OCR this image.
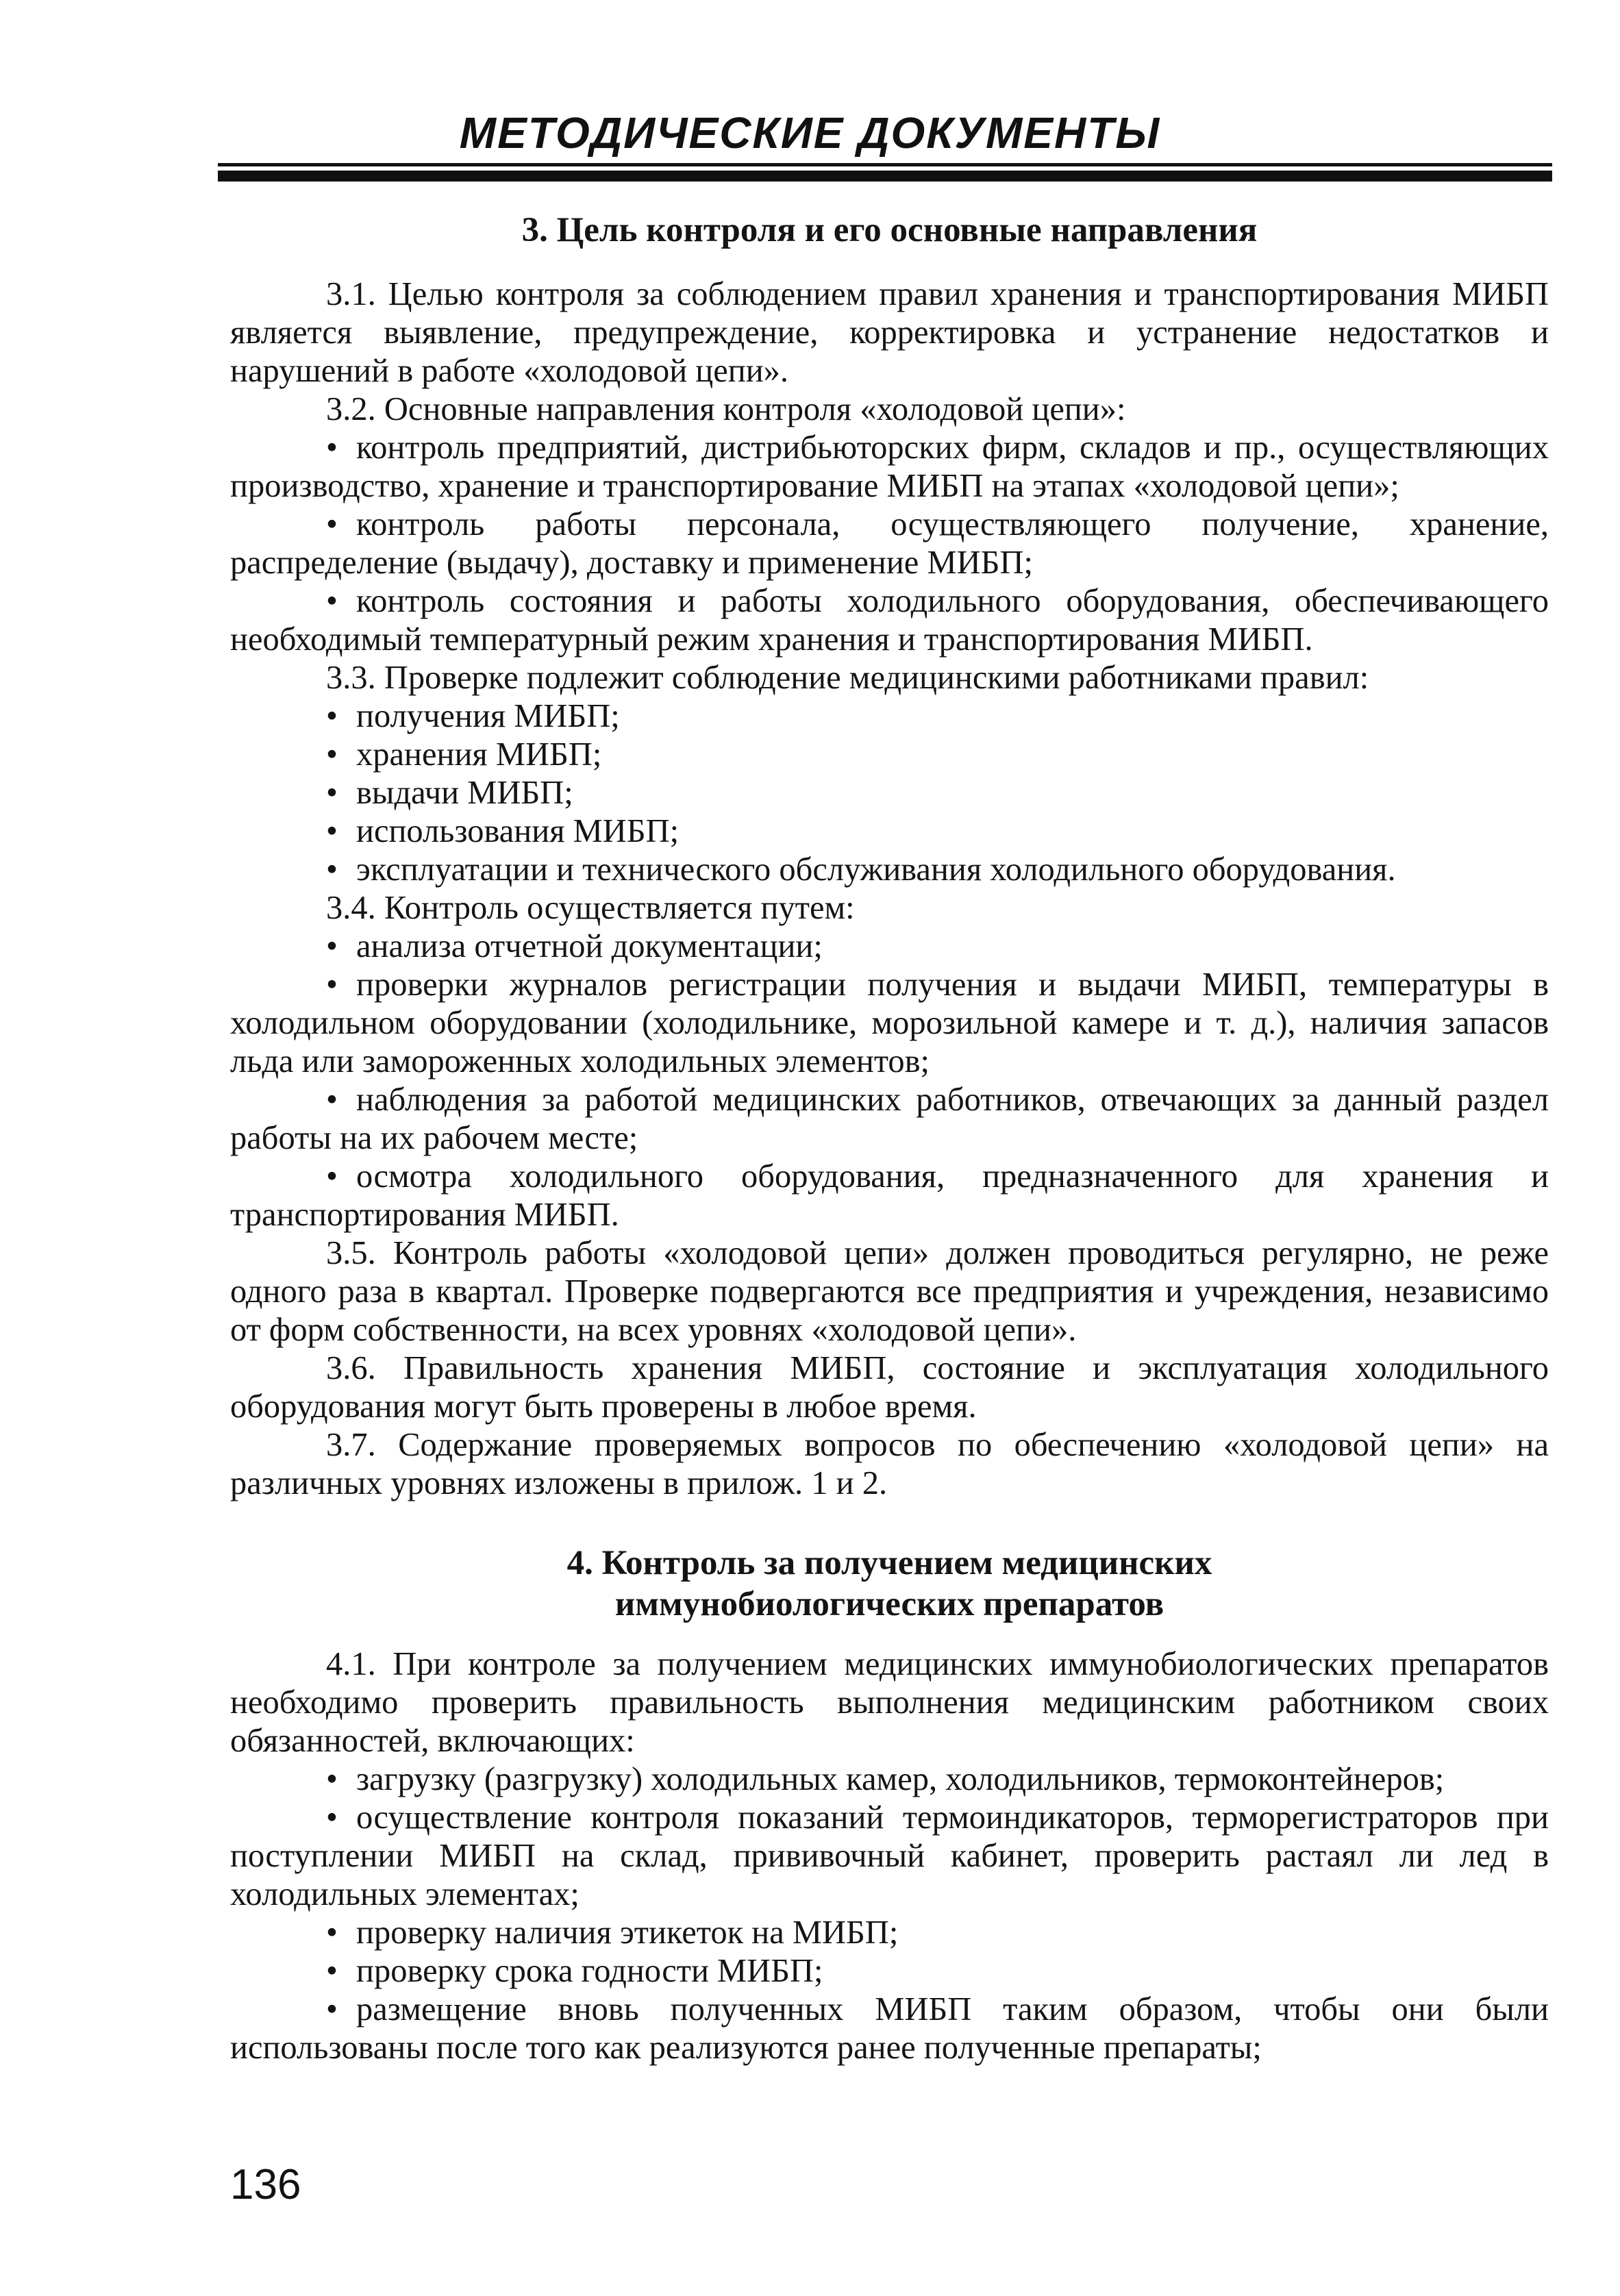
МЕТОДИЧЕСКИЕ ДОКУМЕНТЫ
3. Цель контроля и его основные направления

3.1. Целью контроля за соблюдением правил хранения и транспортирования МИБП является выявление, предупреждение, корректировка и устранение недостатков и нарушений в работе «холодовой цепи».

3.2. Основные направления контроля «холодовой цепи»:

• контроль предприятий, дистрибьюторских фирм, складов и пр., осуществляющих производство, хранение и транспортирование МИБП на этапах «холодовой цепи»;

• контроль работы персонала, осуществляющего получение, хранение, распределение (выдачу), доставку и применение МИБП;

• контроль состояния и работы холодильного оборудования, обеспечивающего необходимый температурный режим хранения и транспортирования МИБП.

3.3. Проверке подлежит соблюдение медицинскими работниками правил:

• получения МИБП;

• хранения МИБП;

• выдачи МИБП;

• использования МИБП;

• эксплуатации и технического обслуживания холодильного оборудования.

3.4. Контроль осуществляется путем:

• анализа отчетной документации;

• проверки журналов регистрации получения и выдачи МИБП, температуры в холодильном оборудовании (холодильнике, морозильной камере и т. д.), наличия запасов льда или замороженных холодильных элементов;

• наблюдения за работой медицинских работников, отвечающих за данный раздел работы на их рабочем месте;

• осмотра холодильного оборудования, предназначенного для хранения и транспортирования МИБП.

3.5. Контроль работы «холодовой цепи» должен проводиться регулярно, не реже одного раза в квартал. Проверке подвергаются все предприятия и учреждения, независимо от форм собственности, на всех уровнях «холодовой цепи».

3.6. Правильность хранения МИБП, состояние и эксплуатация холодильного оборудования могут быть проверены в любое время.

3.7. Содержание проверяемых вопросов по обеспечению «холодовой цепи» на различных уровнях изложены в прилож. 1 и 2.

4. Контроль за получением медицинских
иммунобиологических препаратов

4.1. При контроле за получением медицинских иммунобиологических препаратов необходимо проверить правильность выполнения медицинским работником своих обязанностей, включающих:

• загрузку (разгрузку) холодильных камер, холодильников, термоконтейнеров;

• осуществление контроля показаний термоиндикаторов, терморегистраторов при поступлении МИБП на склад, прививочный кабинет, проверить растаял ли лед в холодильных элементах;

• проверку наличия этикеток на МИБП;

• проверку срока годности МИБП;

• размещение вновь полученных МИБП таким образом, чтобы они были использованы после того как реализуются ранее полученные препараты;

136
